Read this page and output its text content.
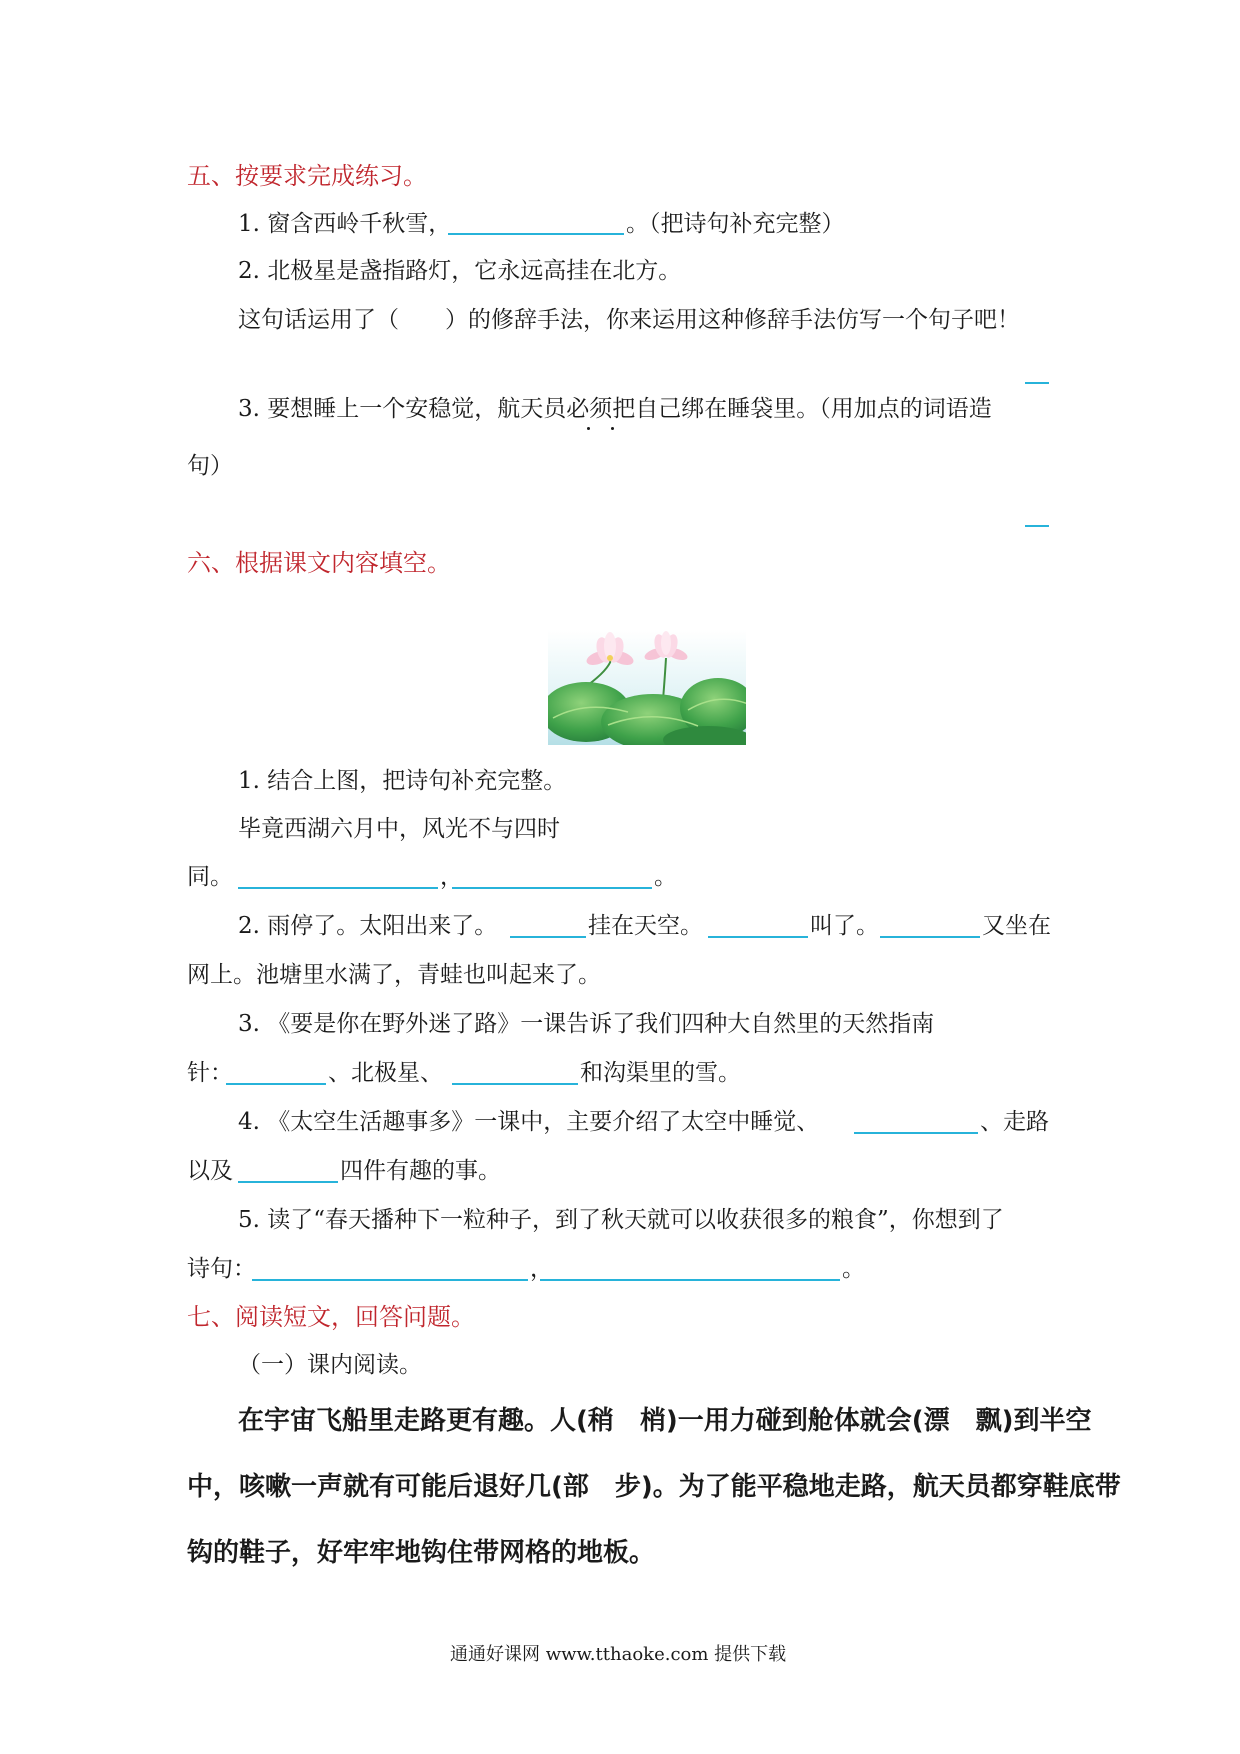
五、按要求完成练习。
1. 窗含西岭千秋雪，	。（把诗句补充完整）
2. 北极星是盏指路灯，它永远高挂在北方。
这句话运用了（　　）的修辞手法，你来运用这种修辞手法仿写一个句子吧！
3. 要想睡上一个安稳觉，航天员必须把自己绑在睡袋里。（用加点的词语造
句）
六、根据课文内容填空。
1. 结合上图，把诗句补充完整。
毕竟西湖六月中，风光不与四时
同。	，	。
2. 雨停了。太阳出来了。	挂在天空。	叫了。	又坐在
网上。池塘里水满了，青蛙也叫起来了。
3. 《要是你在野外迷了路》一课告诉了我们四种大自然里的天然指南
针：	、北极星、	和沟渠里的雪。
4. 《太空生活趣事多》一课中，主要介绍了太空中睡觉、	、走路
以及	四件有趣的事。
5. 读了“春天播种下一粒种子，到了秋天就可以收获很多的粮食”，你想到了
诗句：	，	。
七、阅读短文，回答问题。
（一）课内阅读。
在宇宙飞船里走路更有趣。人(稍　梢)一用力碰到舱体就会(漂　飘)到半空
中，咳嗽一声就有可能后退好几(部　步)。为了能平稳地走路，航天员都穿鞋底带
钩的鞋子，好牢牢地钩住带网格的地板。
通通好课网 www.tthaoke.com 提供下载
